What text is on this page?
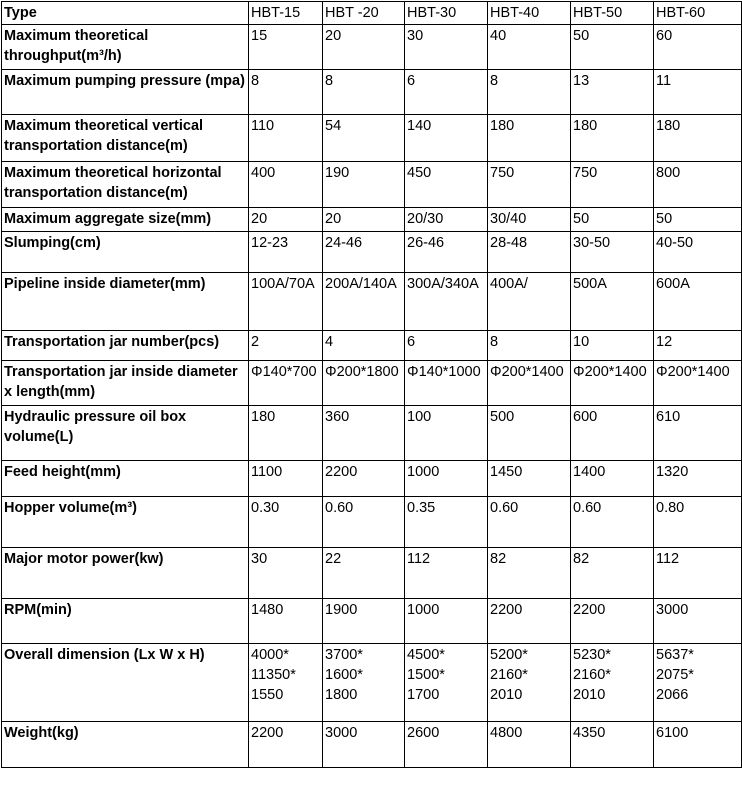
Type	HBT-15	HBT -20	HBT-30	HBT-40	HBT-50	HBT-60
Maximum theoretical throughput(m³/h)	15	20	30	40	50	60
Maximum pumping pressure (mpa)	8	8	6	8	13	11
Maximum theoretical vertical transportation distance(m)	110	54	140	180	180	180
Maximum theoretical horizontal transportation distance(m)	400	190	450	750	750	800
Maximum aggregate size(mm)	20	20	20/30	30/40	50	50
Slumping(cm)	12-23	24-46	26-46	28-48	30-50	40-50
Pipeline inside diameter(mm)	100A/70A	200A/140A	300A/340A	400A/	500A	600A
Transportation jar number(pcs)	2	4	6	8	10	12
Transportation jar inside diameter x length(mm)	Φ140*700	Φ200*1800	Φ140*1000	Φ200*1400	Φ200*1400	Φ200*1400
Hydraulic pressure oil box volume(L)	180	360	100	500	600	610
Feed height(mm)	1100	2200	1000	1450	1400	1320
Hopper volume(m³)	0.30	0.60	0.35	0.60	0.60	0.80
Major motor power(kw)	30	22	112	82	82	112
RPM(min)	1480	1900	1000	2200	2200	3000
Overall dimension (Lx W x H)	4000*
11350*
1550	3700*
1600*
1800	4500*
1500*
1700	5200*
2160*
2010	5230*
2160*
2010	5637*
2075*
2066
Weight(kg)	2200	3000	2600	4800	4350	6100
